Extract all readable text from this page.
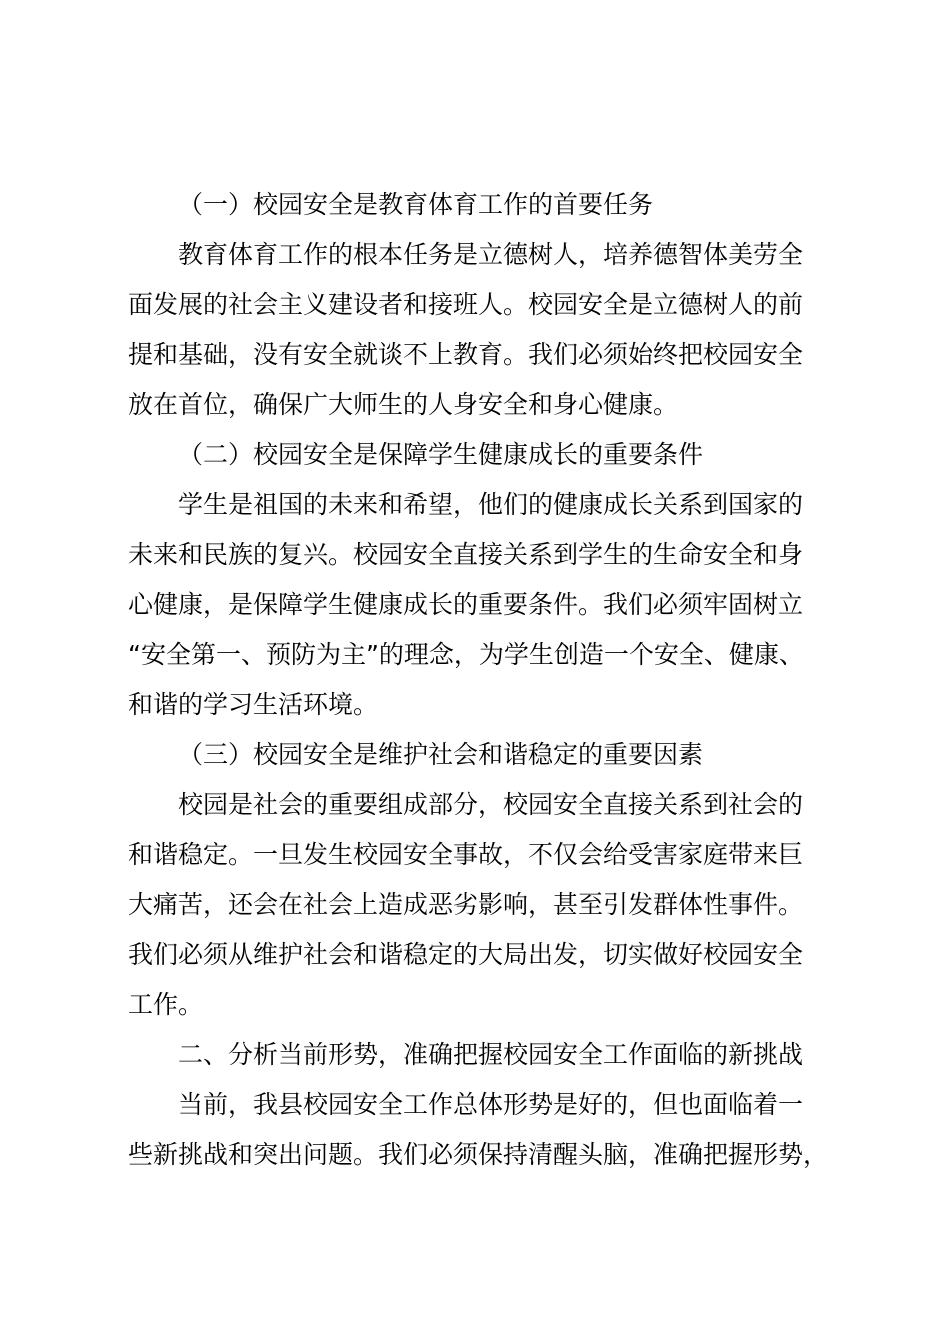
（一）校园安全是教育体育工作的首要任务
教育体育工作的根本任务是立德树人，培养德智体美劳全
面发展的社会主义建设者和接班人。校园安全是立德树人的前
提和基础，没有安全就谈不上教育。我们必须始终把校园安全
放在首位，确保广大师生的人身安全和身心健康。
（二）校园安全是保障学生健康成长的重要条件
学生是祖国的未来和希望，他们的健康成长关系到国家的
未来和民族的复兴。校园安全直接关系到学生的生命安全和身
心健康，是保障学生健康成长的重要条件。我们必须牢固树立
“安全第一、预防为主”的理念，为学生创造一个安全、健康、
和谐的学习生活环境。
（三）校园安全是维护社会和谐稳定的重要因素
校园是社会的重要组成部分，校园安全直接关系到社会的
和谐稳定。一旦发生校园安全事故，不仅会给受害家庭带来巨
大痛苦，还会在社会上造成恶劣影响，甚至引发群体性事件。
我们必须从维护社会和谐稳定的大局出发，切实做好校园安全
工作。
二、分析当前形势，准确把握校园安全工作面临的新挑战
当前，我县校园安全工作总体形势是好的，但也面临着一
些新挑战和突出问题。我们必须保持清醒头脑，准确把握形势，
